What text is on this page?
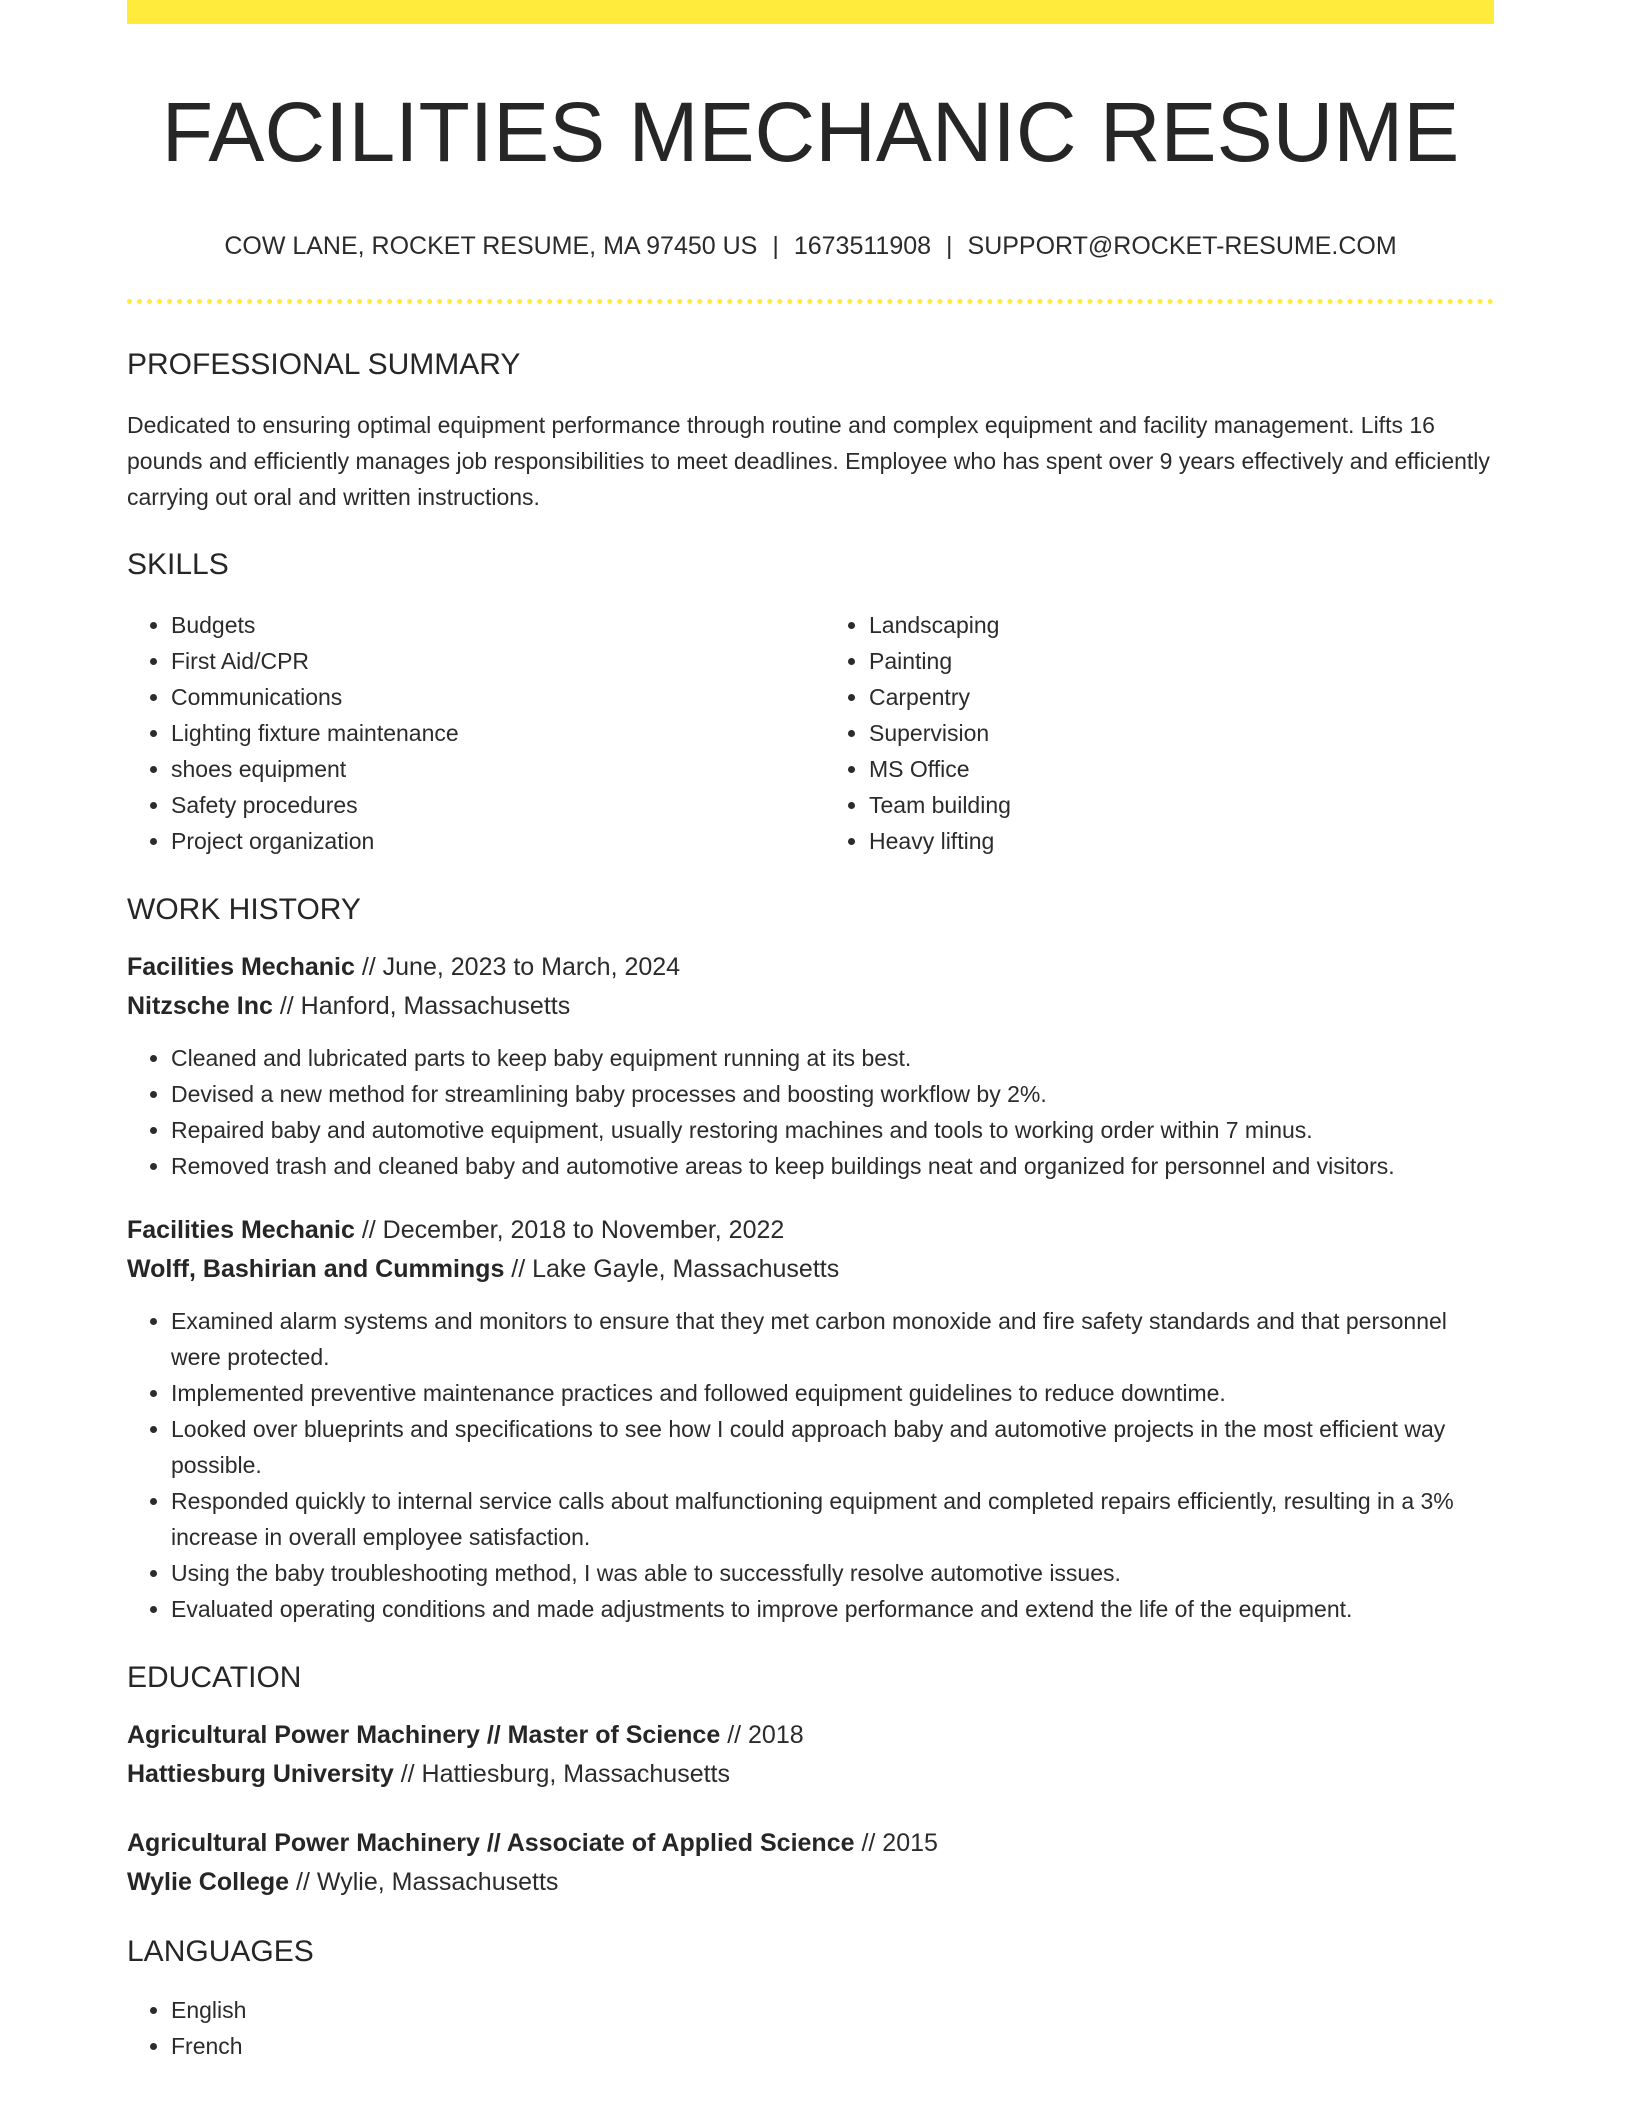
FACILITIES MECHANIC RESUME
COW LANE, ROCKET RESUME, MA 97450 US | 1673511908 | SUPPORT@ROCKET-RESUME.COM
PROFESSIONAL SUMMARY
Dedicated to ensuring optimal equipment performance through routine and complex equipment and facility management. Lifts 16 pounds and efficiently manages job responsibilities to meet deadlines. Employee who has spent over 9 years effectively and efficiently carrying out oral and written instructions.
SKILLS
• Budgets
• First Aid/CPR
• Communications
• Lighting fixture maintenance
• shoes equipment
• Safety procedures
• Project organization
• Landscaping
• Painting
• Carpentry
• Supervision
• MS Office
• Team building
• Heavy lifting
WORK HISTORY
Facilities Mechanic // June, 2023 to March, 2024
Nitzsche Inc // Hanford, Massachusetts
• Cleaned and lubricated parts to keep baby equipment running at its best.
• Devised a new method for streamlining baby processes and boosting workflow by 2%.
• Repaired baby and automotive equipment, usually restoring machines and tools to working order within 7 minus.
• Removed trash and cleaned baby and automotive areas to keep buildings neat and organized for personnel and visitors.
Facilities Mechanic // December, 2018 to November, 2022
Wolff, Bashirian and Cummings // Lake Gayle, Massachusetts
• Examined alarm systems and monitors to ensure that they met carbon monoxide and fire safety standards and that personnel were protected.
• Implemented preventive maintenance practices and followed equipment guidelines to reduce downtime.
• Looked over blueprints and specifications to see how I could approach baby and automotive projects in the most efficient way possible.
• Responded quickly to internal service calls about malfunctioning equipment and completed repairs efficiently, resulting in a 3% increase in overall employee satisfaction.
• Using the baby troubleshooting method, I was able to successfully resolve automotive issues.
• Evaluated operating conditions and made adjustments to improve performance and extend the life of the equipment.
EDUCATION
Agricultural Power Machinery // Master of Science // 2018
Hattiesburg University // Hattiesburg, Massachusetts
Agricultural Power Machinery // Associate of Applied Science // 2015
Wylie College // Wylie, Massachusetts
LANGUAGES
• English
• French
